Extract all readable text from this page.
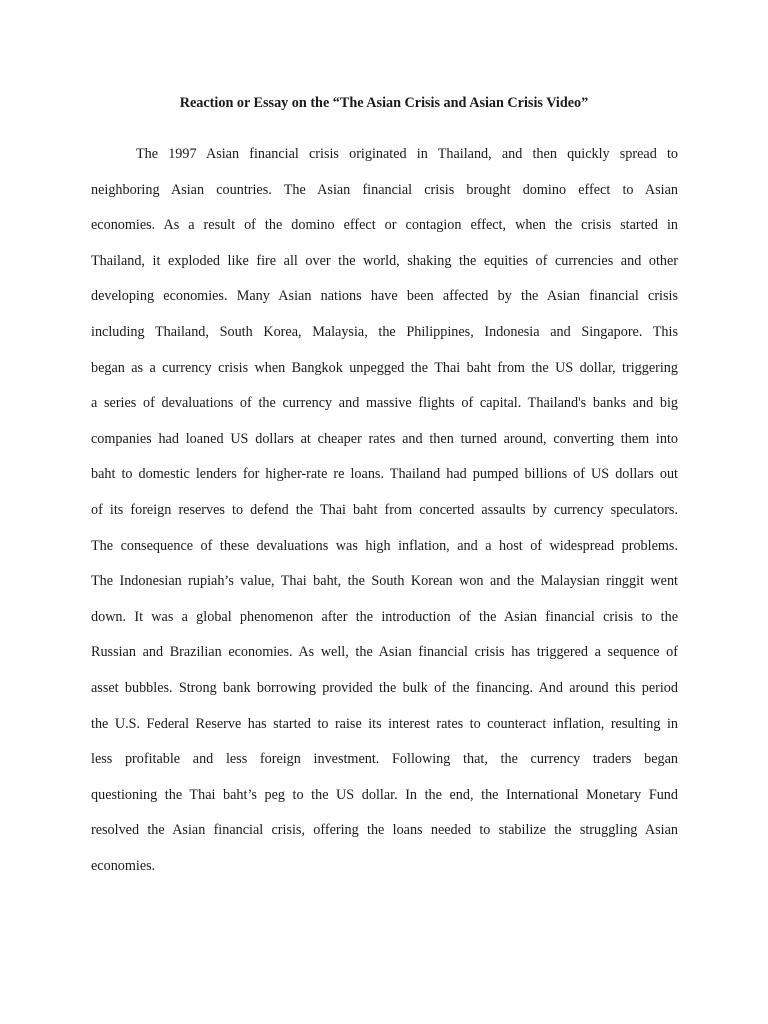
Reaction or Essay on the “The Asian Crisis and Asian Crisis Video”
The 1997 Asian financial crisis originated in Thailand, and then quickly spread to
neighboring Asian countries. The Asian financial crisis brought domino effect to Asian
economies. As a result of the domino effect or contagion effect, when the crisis started in
Thailand, it exploded like fire all over the world, shaking the equities of currencies and other
developing economies. Many Asian nations have been affected by the Asian financial crisis
including Thailand, South Korea, Malaysia, the Philippines, Indonesia and Singapore. This
began as a currency crisis when Bangkok unpegged the Thai baht from the US dollar, triggering
a series of devaluations of the currency and massive flights of capital. Thailand's banks and big
companies had loaned US dollars at cheaper rates and then turned around, converting them into
baht to domestic lenders for higher-rate re loans. Thailand had pumped billions of US dollars out
of its foreign reserves to defend the Thai baht from concerted assaults by currency speculators.
The consequence of these devaluations was high inflation, and a host of widespread problems.
The Indonesian rupiah’s value, Thai baht, the South Korean won and the Malaysian ringgit went
down. It was a global phenomenon after the introduction of the Asian financial crisis to the
Russian and Brazilian economies. As well, the Asian financial crisis has triggered a sequence of
asset bubbles. Strong bank borrowing provided the bulk of the financing. And around this period
the U.S. Federal Reserve has started to raise its interest rates to counteract inflation, resulting in
less profitable and less foreign investment. Following that, the currency traders began
questioning the Thai baht’s peg to the US dollar. In the end, the International Monetary Fund
resolved the Asian financial crisis, offering the loans needed to stabilize the struggling Asian
economies.
